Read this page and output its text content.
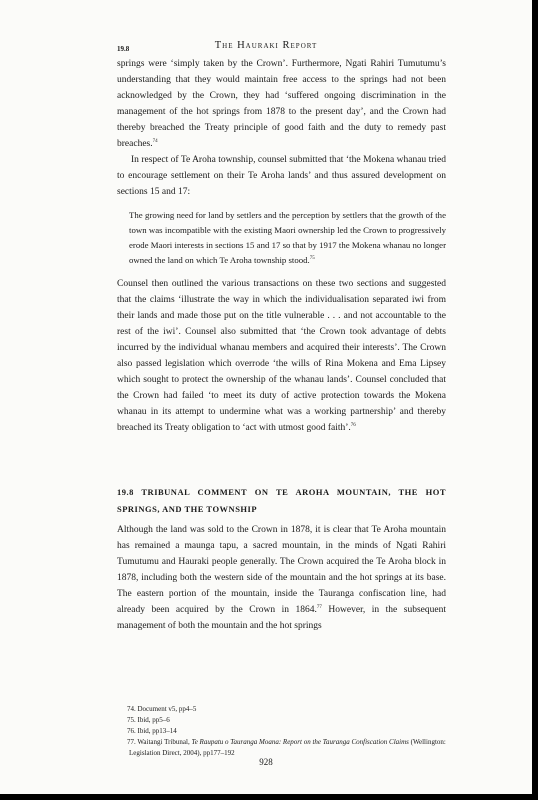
The Hauraki Report
19.8

springs were ‘simply taken by the Crown’. Furthermore, Ngati Rahiri Tumutumu’s understanding that they would maintain free access to the springs had not been acknowledged by the Crown, they had ‘suffered ongoing discrimination in the management of the hot springs from 1878 to the present day’, and the Crown had thereby breached the Treaty principle of good faith and the duty to remedy past breaches.$^{74}$

In respect of Te Aroha township, counsel submitted that ‘the Mokena whanau tried to encourage settlement on their Te Aroha lands’ and thus assured development on sections 15 and 17:

The growing need for land by settlers and the perception by settlers that the growth of the town was incompatible with the existing Maori ownership led the Crown to progressively erode Maori interests in sections 15 and 17 so that by 1917 the Mokena whanau no longer owned the land on which Te Aroha township stood.$^{75}$

Counsel then outlined the various transactions on these two sections and suggested that the claims ‘illustrate the way in which the individualisation separated iwi from their lands and made those put on the title vulnerable . . . and not accountable to the rest of the iwi’. Counsel also submitted that ‘the Crown took advantage of debts incurred by the individual whanau members and acquired their interests’. The Crown also passed legislation which overrode ‘the wills of Rina Mokena and Ema Lipsey which sought to protect the ownership of the whanau lands’. Counsel concluded that the Crown had failed ‘to meet its duty of active protection towards the Mokena whanau in its attempt to undermine what was a working partnership’ and thereby breached its Treaty obligation to ‘act with utmost good faith’.$^{76}$

19.8 TRIBUNAL COMMENT ON TE AROHA MOUNTAIN, THE HOT SPRINGS, AND THE TOWNSHIP

Although the land was sold to the Crown in 1878, it is clear that Te Aroha mountain has remained a maunga tapu, a sacred mountain, in the minds of Ngati Rahiri Tumutumu and Hauraki people generally. The Crown acquired the Te Aroha block in 1878, including both the western side of the mountain and the hot springs at its base. The eastern portion of the mountain, inside the Tauranga confiscation line, had already been acquired by the Crown in 1864.77 However, in the subsequent management of both the mountain and the hot springs

74. Document v5, pp4–5
75. Ibid, pp5–6
76. Ibid, pp13–14
77. Waitangi Tribunal, Te Raupatu o Tauranga Moana: Report on the Tauranga Confiscation Claims (Wellington: Legislation Direct, 2004), pp177–192
928
